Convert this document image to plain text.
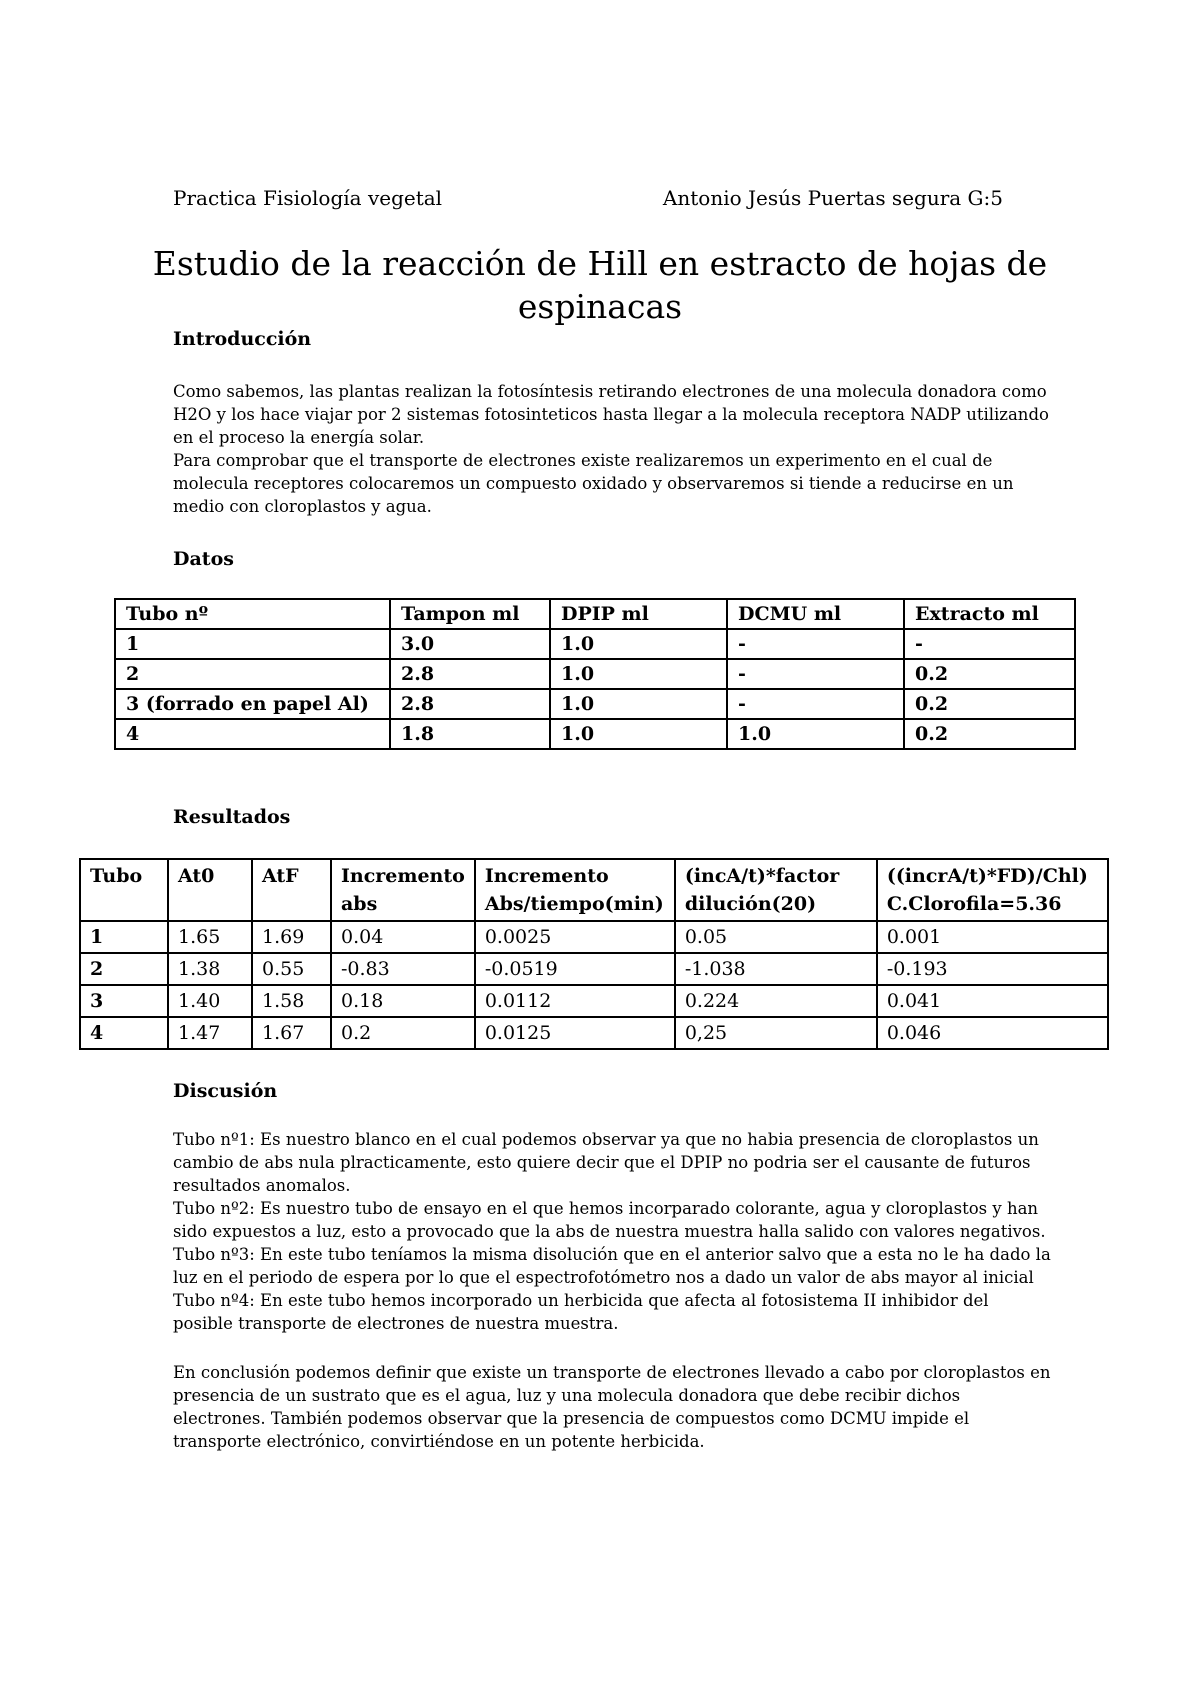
Practica Fisiología vegetal	Antonio Jesús Puertas segura G:5
Estudio de la reacción de Hill en estracto de hojas de espinacas
Introducción

Como sabemos, las plantas realizan la fotosíntesis retirando electrones de una molecula donadora como H2O y los hace viajar por 2 sistemas fotosinteticos hasta llegar a la molecula receptora NADP utilizando en el proceso la energía solar.

Para comprobar que el transporte de electrones existe realizaremos un experimento en el cual de molecula receptores colocaremos un compuesto oxidado y observaremos si tiende a reducirse en un medio con cloroplastos y agua.

Datos
Tubo nº	Tampon ml	DPIP ml	DCMU ml	Extracto ml
1	3.0	1.0	-	-
2	2.8	1.0	-	0.2
3 (forrado en papel Al)	2.8	1.0	-	0.2
4	1.8	1.0	1.0	0.2
Resultados
Tubo	At0	AtF	Incremento abs	Incremento Abs/tiempo(min)	(incA/t)*factor dilución(20)	((incrA/t)*FD)/Chl) C.Clorofila=5.36
1	1.65	1.69	0.04	0.0025	0.05	0.001
2	1.38	0.55	-0.83	-0.0519	-1.038	-0.193
3	1.40	1.58	0.18	0.0112	0.224	0.041
4	1.47	1.67	0.2	0.0125	0,25	0.046
Discusión

Tubo nº1: Es nuestro blanco en el cual podemos observar ya que no habia presencia de cloroplastos un cambio de abs nula plracticamente, esto quiere decir que el DPIP no podria ser el causante de futuros resultados anomalos.

Tubo nº2: Es nuestro tubo de ensayo en el que hemos incorparado colorante, agua y cloroplastos y han sido expuestos a luz, esto a provocado que la abs de nuestra muestra halla salido con valores negativos.

Tubo nº3: En este tubo teníamos la misma disolución que en el anterior salvo que a esta no le ha dado la luz en el periodo de espera por lo que el espectrofotómetro nos a dado un valor de abs mayor al inicial

Tubo nº4: En este tubo hemos incorporado un herbicida que afecta al fotosistema II inhibidor del posible transporte de electrones de nuestra muestra.

En conclusión podemos definir que existe un transporte de electrones llevado a cabo por cloroplastos en presencia de un sustrato que es el agua, luz y una molecula donadora que debe recibir dichos electrones. También podemos observar que la presencia de compuestos como DCMU impide el transporte electrónico, convirtiéndose en un potente herbicida.
